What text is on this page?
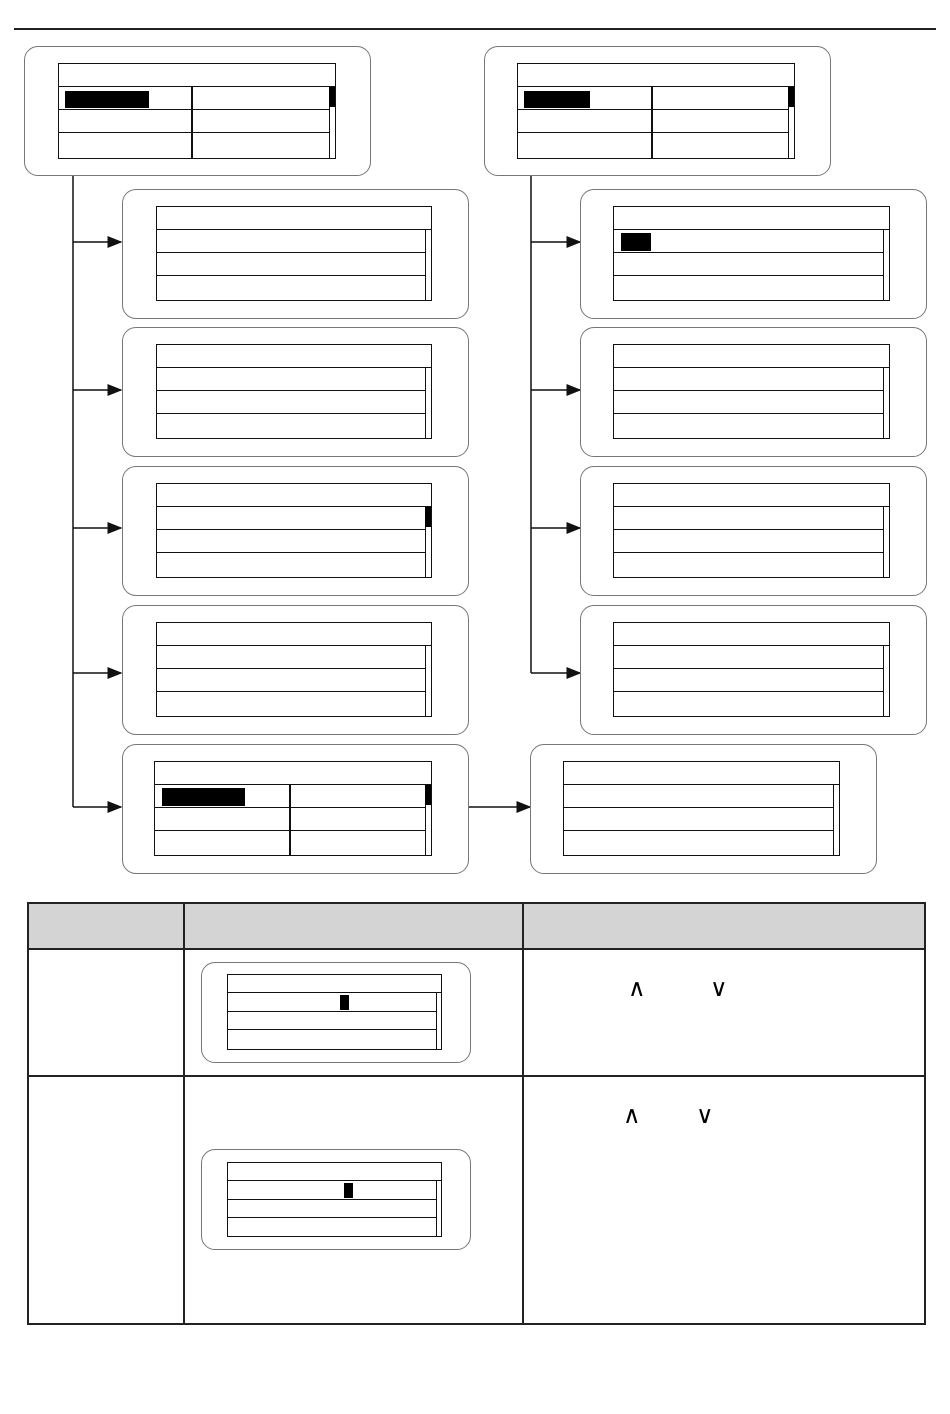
		∧ ∨

		∧ ∨
